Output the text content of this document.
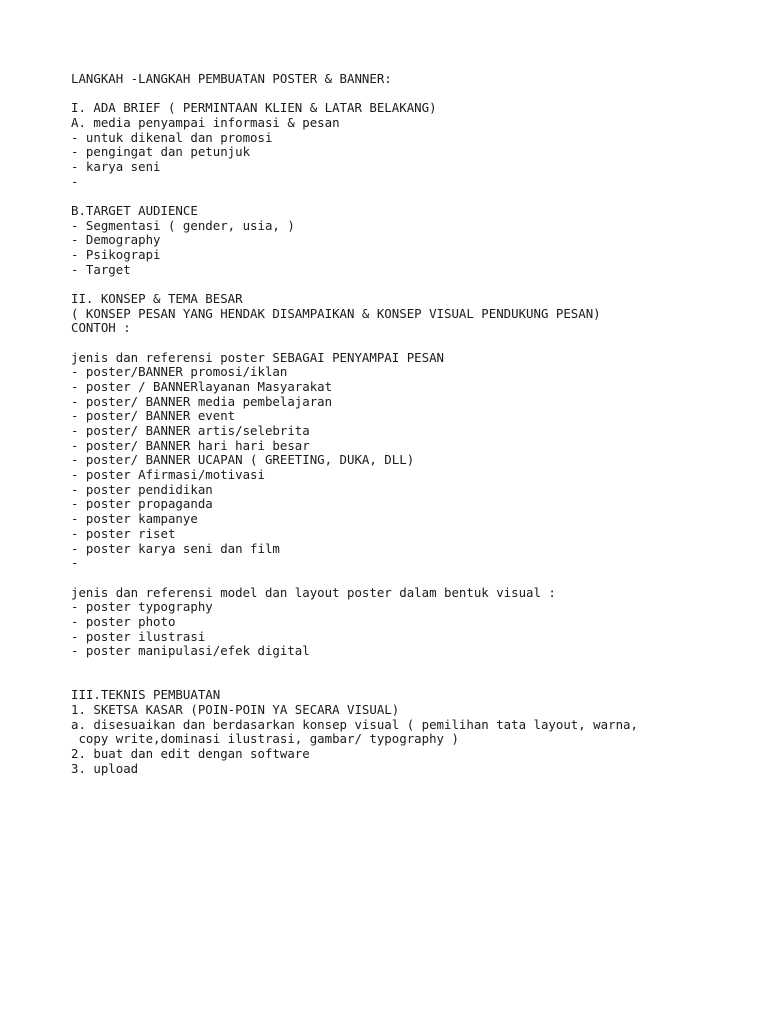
LANGKAH -LANGKAH PEMBUATAN POSTER & BANNER:
I. ADA BRIEF ( PERMINTAAN KLIEN & LATAR BELAKANG)
A. media penyampai informasi & pesan
- untuk dikenal dan promosi
- pengingat dan petunjuk
- karya seni
-
B.TARGET AUDIENCE
- Segmentasi ( gender, usia, )
- Demography
- Psikograpi
- Target
II. KONSEP & TEMA BESAR
( KONSEP PESAN YANG HENDAK DISAMPAIKAN & KONSEP VISUAL PENDUKUNG PESAN)
CONTOH :
jenis dan referensi poster SEBAGAI PENYAMPAI PESAN
- poster/BANNER promosi/iklan
- poster / BANNERlayanan Masyarakat
- poster/ BANNER media pembelajaran
- poster/ BANNER event
- poster/ BANNER artis/selebrita
- poster/ BANNER hari hari besar
- poster/ BANNER UCAPAN ( GREETING, DUKA, DLL)
- poster Afirmasi/motivasi
- poster pendidikan
- poster propaganda
- poster kampanye
- poster riset
- poster karya seni dan film
-
jenis dan referensi model dan layout poster dalam bentuk visual :
- poster typography
- poster photo
- poster ilustrasi
- poster manipulasi/efek digital
III.TEKNIS PEMBUATAN
1. SKETSA KASAR (POIN-POIN YA SECARA VISUAL)
a. disesuaikan dan berdasarkan konsep visual ( pemilihan tata layout, warna,
copy write,dominasi ilustrasi, gambar/ typography )
2. buat dan edit dengan software
3. upload
